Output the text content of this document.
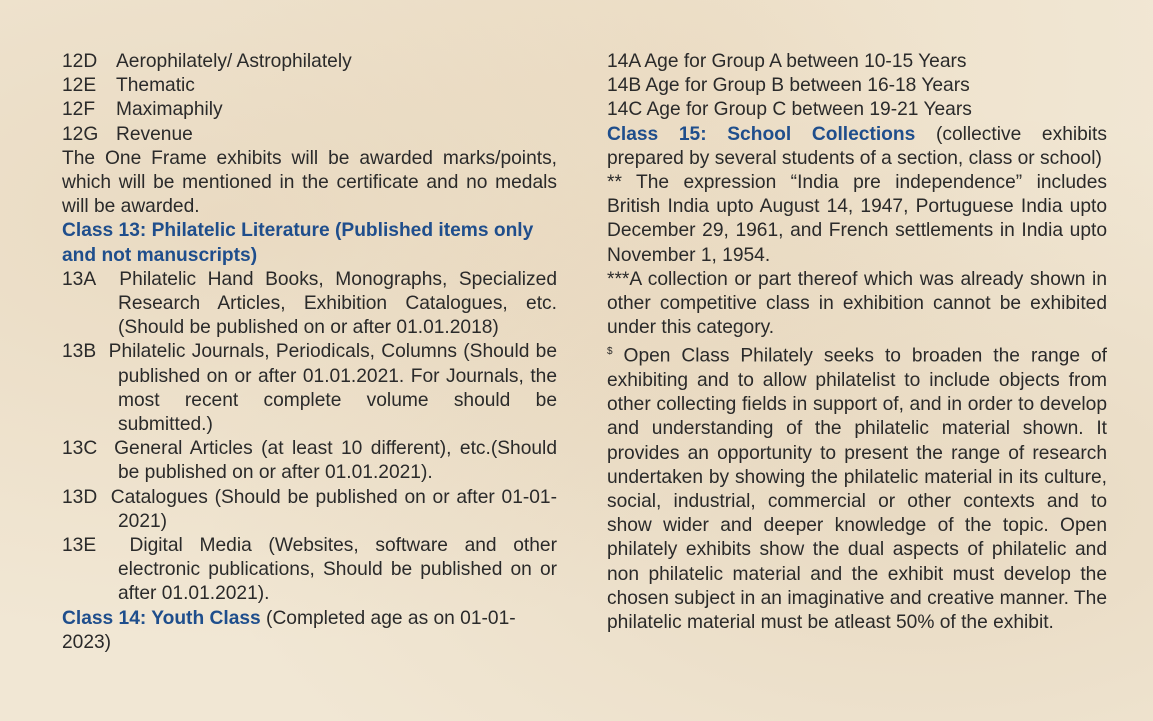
12D Aerophilately/ Astrophilately
12E	Thematic
12F	Maximaphily
12G Revenue

The One Frame exhibits will be awarded marks/points, which will be mentioned in the certificate and no medals will be awarded.

Class 13: Philatelic Literature (Published items only and not manuscripts)

13A Philatelic Hand Books, Monographs, Specialized Research Articles, Exhibition Catalogues, etc. (Should be published on or after 01.01.2018)

13B Philatelic Journals, Periodicals, Columns (Should be published on or after 01.01.2021. For Journals, the most recent complete volume should be submitted.)

13C General Articles (at least 10 different), etc.(Should be published on or after 01.01.2021).

13D Catalogues (Should be published on or after 01-01-2021)

13E Digital Media (Websites, software and other electronic publications, Should be published on or after 01.01.2021).

Class 14: Youth Class (Completed age as on 01-01-2023)

14A Age for Group A between 10-15 Years

14B Age for Group B between 16-18 Years

14C Age for Group C between 19-21 Years

Class 15: School Collections (collective exhibits prepared by several students of a section, class or school)

** The expression “India pre independence” includes British India upto August 14, 1947, Portuguese India upto December 29, 1961, and French settlements in India upto November 1, 1954.

***A collection or part thereof which was already shown in other competitive class in exhibition cannot be exhibited under this category.

$ Open Class Philately seeks to broaden the range of exhibiting and to allow philatelist to include objects from other collecting fields in support of, and in order to develop and understanding of the philatelic material shown. It provides an opportunity to present the range of research undertaken by showing the philatelic material in its culture, social, industrial, commercial or other contexts and to show wider and deeper knowledge of the topic. Open philately exhibits show the dual aspects of philatelic and non philatelic material and the exhibit must develop the chosen subject in an imaginative and creative manner. The philatelic material must be atleast 50% of the exhibit.
